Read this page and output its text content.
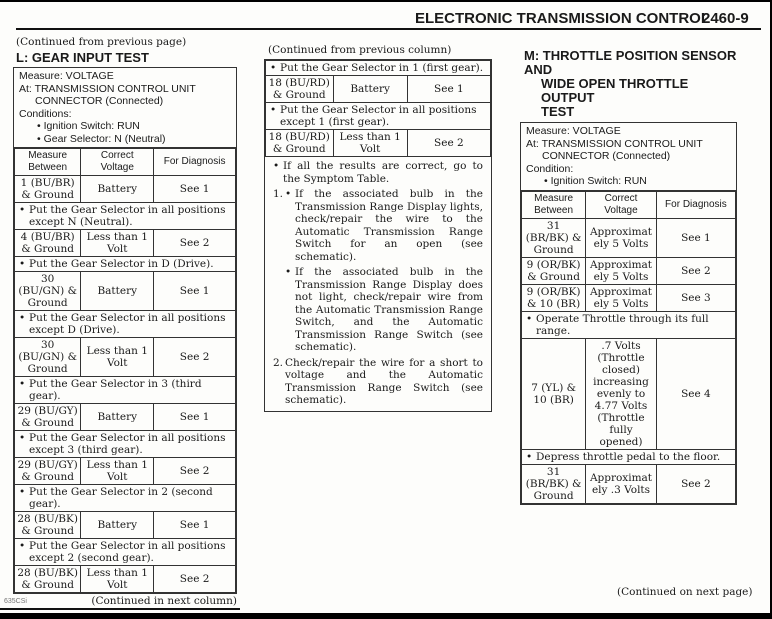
ELECTRONIC TRANSMISSION CONTROL
2460-9
(Continued from previous page)
L: GEAR INPUT TEST
Measure: VOLTAGE
At: TRANSMISSION CONTROL UNIT
CONNECTOR (Connected)
Conditions:
• Ignition Switch: RUN
• Gear Selector: N (Neutral)
Measure Between	Correct Voltage	For Diagnosis
1 (BU/BR) & Ground	Battery	See 1
• Put the Gear Selector in all positions except N (Neutral).		
4 (BU/BR) & Ground	Less than 1 Volt	See 2
• Put the Gear Selector in D (Drive).		
30 (BU/GN) & Ground	Battery	See 1
• Put the Gear Selector in all positions except D (Drive).		
30 (BU/GN) & Ground	Less than 1 Volt	See 2
• Put the Gear Selector in 3 (third gear).		
29 (BU/GY) & Ground	Battery	See 1
• Put the Gear Selector in all positions except 3 (third gear).		
29 (BU/GY) & Ground	Less than 1 Volt	See 2
• Put the Gear Selector in 2 (second gear).		
28 (BU/BK) & Ground	Battery	See 1
• Put the Gear Selector in all positions except 2 (second gear).		
28 (BU/BK) & Ground	Less than 1 Volt	See 2
(Continued in next column)
635CSi
(Continued from previous column)
• Put the Gear Selector in 1 (first gear).		
18 (BU/RD) & Ground	Battery	See 1
• Put the Gear Selector in all positions except 1 (first gear).		
18 (BU/RD) & Ground	Less than 1 Volt	See 2
• If all the results are correct, go to the Symptom Table.
1. • If the associated bulb in the Transmission Range Display lights, check/repair the wire to the Automatic Transmission Range Switch for an open (see schematic).
• If the associated bulb in the Transmission Range Display does not light, check/repair wire from the Automatic Transmission Range Switch, and the Automatic Transmission Range Switch (see schematic).
2. Check/repair the wire for a short to voltage and the Automatic Transmission Range Switch (see schematic).
M: THROTTLE POSITION SENSOR AND
WIDE OPEN THROTTLE OUTPUT
TEST
Measure: VOLTAGE
At: TRANSMISSION CONTROL UNIT
CONNECTOR (Connected)
Condition:
• Ignition Switch: RUN
Measure Between	Correct Voltage	For Diagnosis
31 (BR/BK) & Ground	Approximately 5 Volts	See 1
9 (OR/BK) & Ground	Approximately 5 Volts	See 2
9 (OR/BK) & 10 (BR)	Approximately 5 Volts	See 3
• Operate Throttle through its full range.		
7 (YL) & 10 (BR)	.7 Volts (Throttle closed) increasing evenly to 4.77 Volts (Throttle fully opened)	See 4
• Depress throttle pedal to the floor.		
31 (BR/BK) & Ground	Approximately .3 Volts	See 2
(Continued on next page)
